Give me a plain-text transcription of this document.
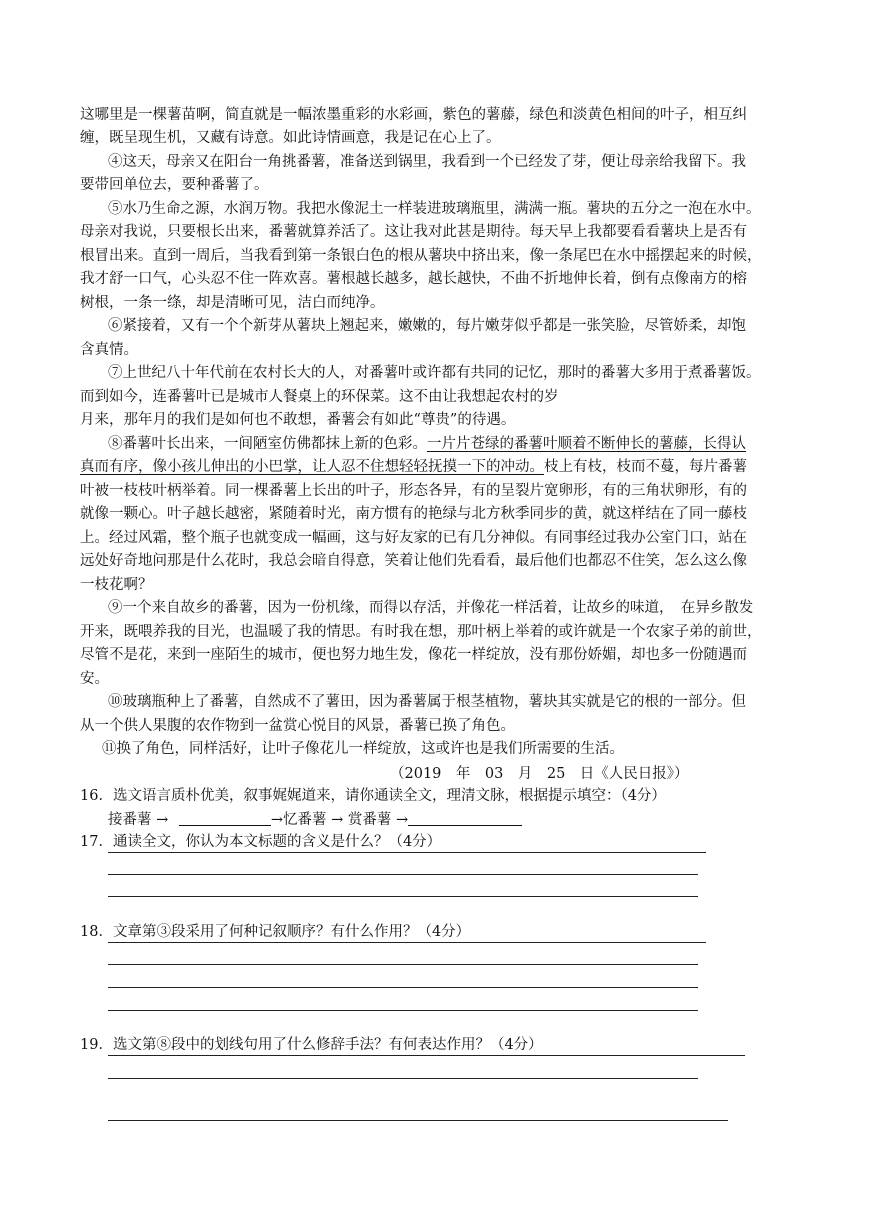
这哪里是一棵薯苗啊，简直就是一幅浓墨重彩的水彩画，紫色的薯藤，绿色和淡黄色相间的叶子，相互纠
缠，既呈现生机，又藏有诗意。如此诗情画意，我是记在心上了。
④这天，母亲又在阳台一角挑番薯，准备送到锅里，我看到一个已经发了芽，便让母亲给我留下。我
要带回单位去，要种番薯了。
⑤水乃生命之源，水润万物。我把水像泥土一样装进玻璃瓶里，满满一瓶。薯块的五分之一泡在水中。
母亲对我说，只要根长出来，番薯就算养活了。这让我对此甚是期待。每天早上我都要看看薯块上是否有
根冒出来。直到一周后，当我看到第一条银白色的根从薯块中挤出来，像一条尾巴在水中摇摆起来的时候，
我才舒一口气，心头忍不住一阵欢喜。薯根越长越多，越长越快，不曲不折地伸长着，倒有点像南方的榕
树根，一条一绦，却是清晰可见，洁白而纯净。
⑥紧接着，又有一个个新芽从薯块上翘起来，嫩嫩的，每片嫩芽似乎都是一张笑脸，尽管娇柔，却饱
含真情。
⑦上世纪八十年代前在农村长大的人，对番薯叶或许都有共同的记忆，那时的番薯大多用于煮番薯饭。
而到如今，连番薯叶已是城市人餐桌上的环保菜。这不由让我想起农村的岁
月来，那年月的我们是如何也不敢想，番薯会有如此“尊贵”的待遇。
⑧番薯叶长出来，一间陋室仿佛都抹上新的色彩。一片片苍绿的番薯叶顺着不断伸长的薯藤，长得认
真而有序，像小孩儿伸出的小巴掌，让人忍不住想轻轻抚摸一下的冲动。枝上有枝，枝而不蔓，每片番薯
叶被一枝枝叶柄举着。同一棵番薯上长出的叶子，形态各异，有的呈裂片宽卵形，有的三角状卵形，有的
就像一颗心。叶子越长越密，紧随着时光，南方惯有的艳绿与北方秋季同步的黄，就这样结在了同一藤枝
上。经过风霜，整个瓶子也就变成一幅画，这与好友家的已有几分神似。有同事经过我办公室门口，站在
远处好奇地问那是什么花时，我总会暗自得意，笑着让他们先看看，最后他们也都忍不住笑，怎么这么像
一枝花啊？
⑨一个来自故乡的番薯，因为一份机缘，而得以存活，并像花一样活着，让故乡的味道，　在异乡散发
开来，既喂养我的目光，也温暖了我的情思。有时我在想，那叶柄上举着的或许就是一个农家子弟的前世，
尽管不是花，来到一座陌生的城市，便也努力地生发，像花一样绽放，没有那份娇媚，却也多一份随遇而
安。
⑩玻璃瓶种上了番薯，自然成不了薯田，因为番薯属于根茎植物，薯块其实就是它的根的一部分。但
从一个供人果腹的农作物到一盆赏心悦目的风景，番薯已换了角色。
⑪换了角色，同样活好，让叶子像花儿一样绽放，这或许也是我们所需要的生活。
（2019　年　03　月　25　日《人民日报》）
16．选文语言质朴优美，叙事娓娓道来，请你通读全文，理清文脉，根据提示填空：（4分）
接番薯 →	→忆番薯 → 赏番薯 →
17．通读全文，你认为本文标题的含义是什么？（4分）
18．文章第③段采用了何种记叙顺序？有什么作用？（4分）
19．选文第⑧段中的划线句用了什么修辞手法？有何表达作用？（4分）
